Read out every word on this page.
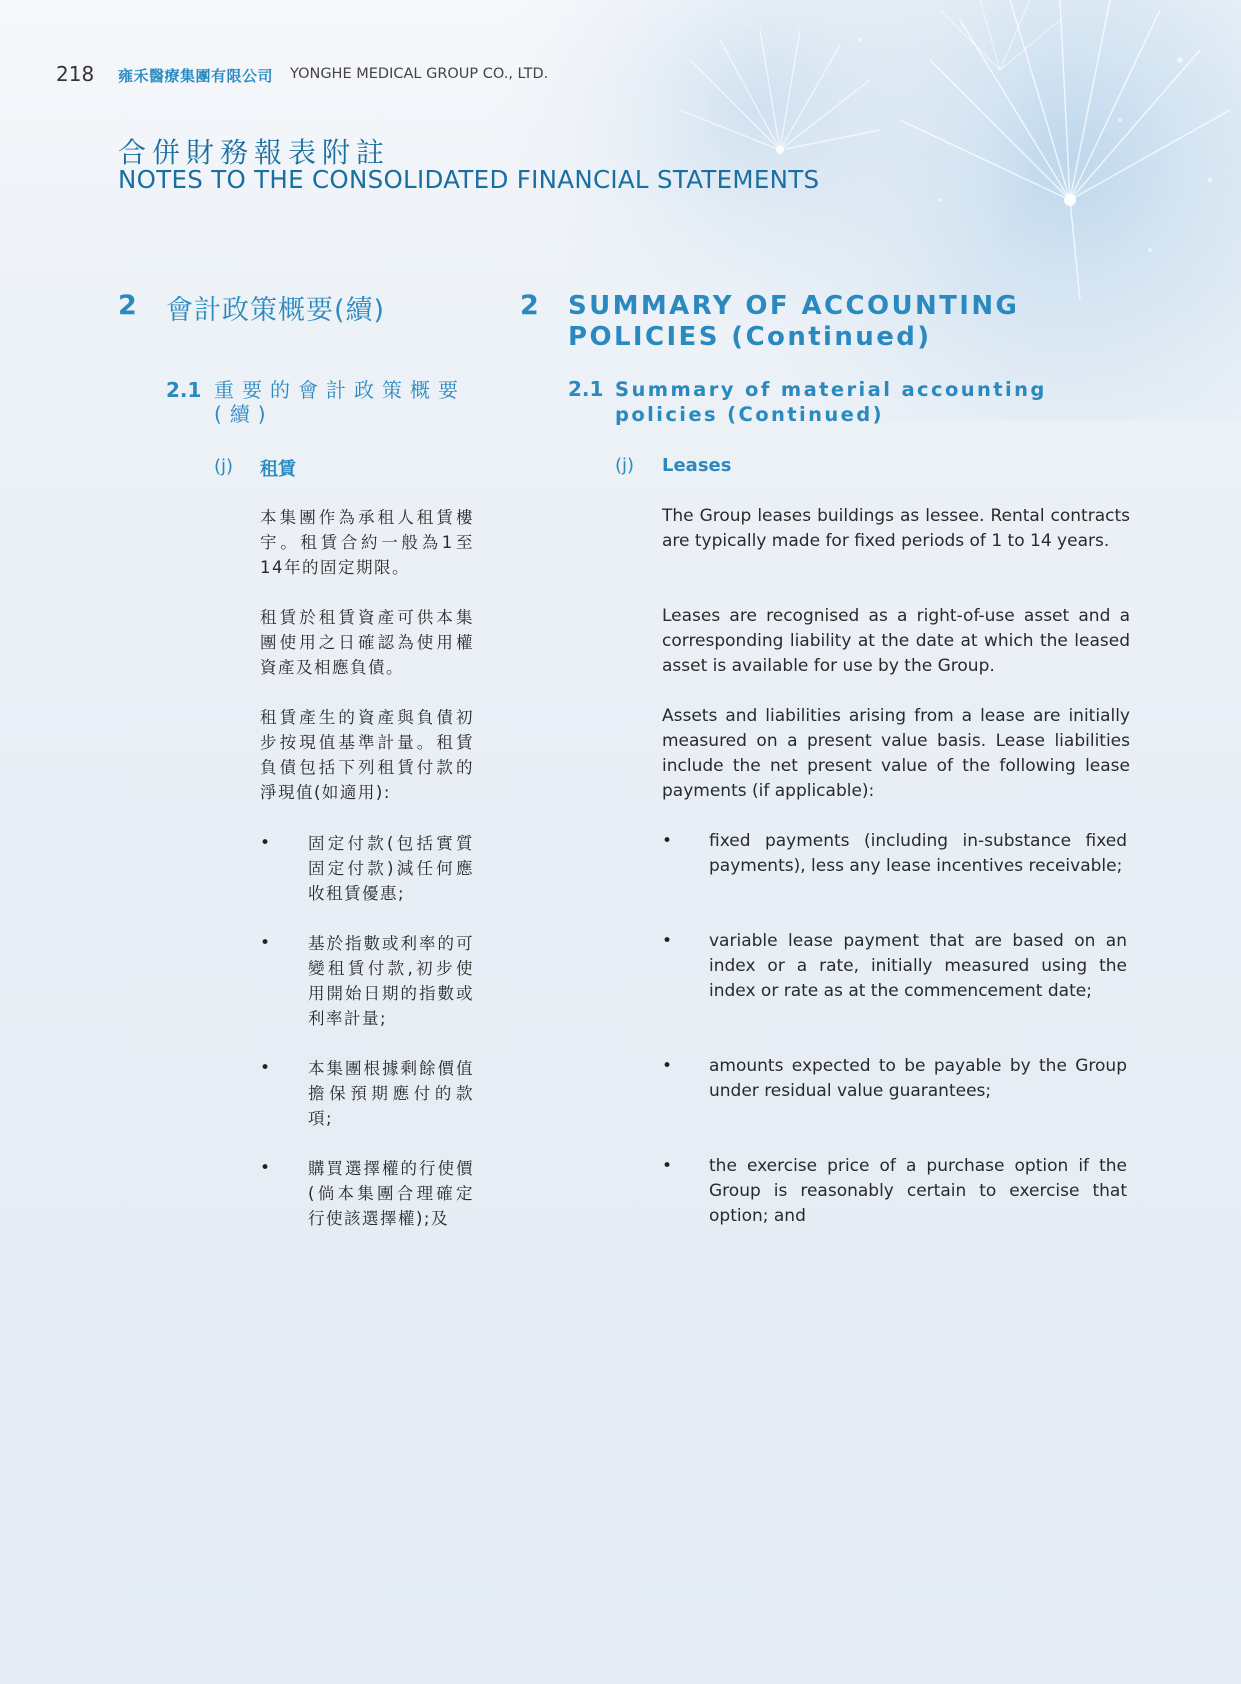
218 雍禾醫療集團有限公司 YONGHE MEDICAL GROUP CO., LTD.
合併財務報表附註
NOTES TO THE CONSOLIDATED FINANCIAL STATEMENTS
2 會計政策概要(續)	2 SUMMARY OF ACCOUNTING POLICIES (Continued)
2.1 重要的會計政策概要(續)
2.1 Summary of material accounting policies (Continued)
(j) 租賃	(j) Leases
本集團作為承租人租賃樓宇。租賃合約一般為1至14年的固定期限。
租賃於租賃資產可供本集團使用之日確認為使用權資產及相應負債。
租賃產生的資產與負債初步按現值基準計量。租賃負債包括下列租賃付款的淨現值(如適用):
The Group leases buildings as lessee. Rental contracts are typically made for fixed periods of 1 to 14 years.
Leases are recognised as a right-of-use asset and a corresponding liability at the date at which the leased asset is available for use by the Group.
Assets and liabilities arising from a lease are initially measured on a present value basis. Lease liabilities include the net present value of the following lease payments (if applicable):
• 固定付款(包括實質固定付款)減任何應收租賃優惠;
• 基於指數或利率的可變租賃付款,初步使用開始日期的指數或利率計量;
• 本集團根據剩餘價值擔保預期應付的款項;
• 購買選擇權的行使價(倘本集團合理確定行使該選擇權);及
• fixed payments (including in-substance fixed payments), less any lease incentives receivable;
• variable lease payment that are based on an index or a rate, initially measured using the index or rate as at the commencement date;
• amounts expected to be payable by the Group under residual value guarantees;
• the exercise price of a purchase option if the Group is reasonably certain to exercise that option; and
